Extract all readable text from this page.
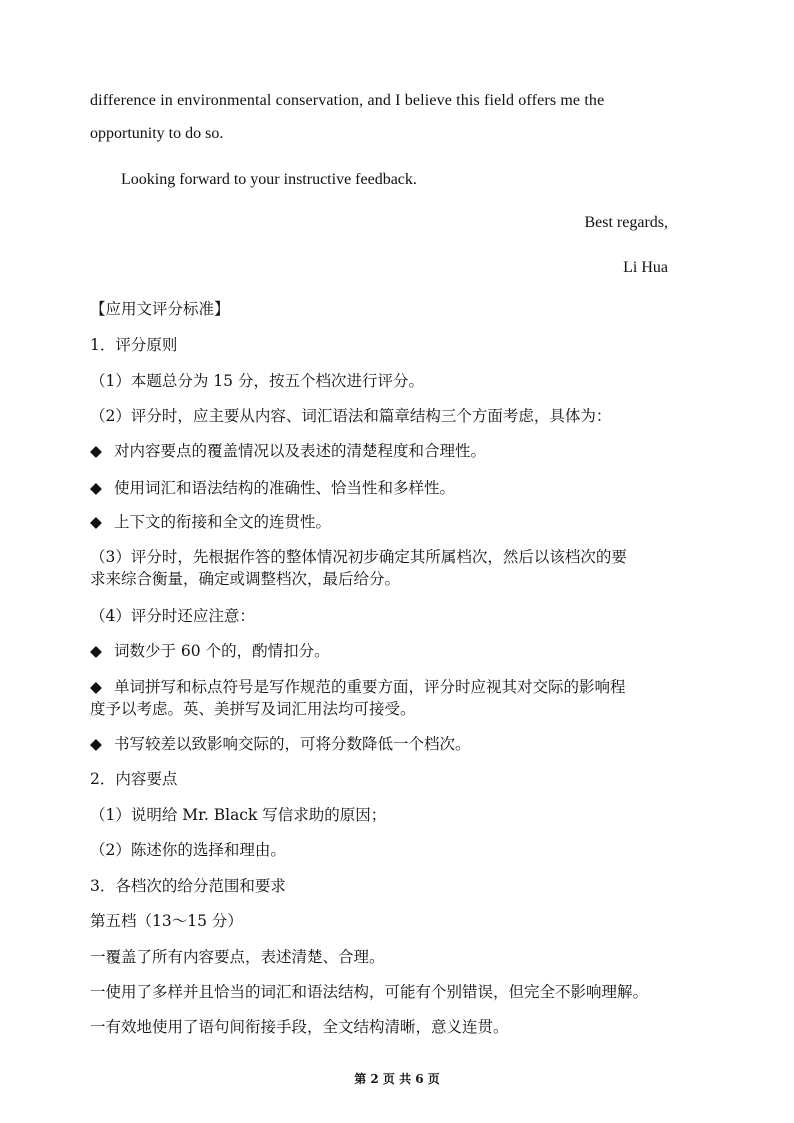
difference in environmental conservation, and I believe this field offers me the
opportunity to do so.
Looking forward to your instructive feedback.
Best regards,
Li Hua
【应用文评分标准】
1．评分原则
（1）本题总分为 15 分，按五个档次进行评分。
（2）评分时，应主要从内容、词汇语法和篇章结构三个方面考虑，具体为：
◆ 对内容要点的覆盖情况以及表述的清楚程度和合理性。
◆ 使用词汇和语法结构的准确性、恰当性和多样性。
◆ 上下文的衔接和全文的连贯性。
（3）评分时，先根据作答的整体情况初步确定其所属档次，然后以该档次的要
求来综合衡量，确定或调整档次，最后给分。
（4）评分时还应注意：
◆ 词数少于 60 个的，酌情扣分。
◆ 单词拼写和标点符号是写作规范的重要方面，评分时应视其对交际的影响程
度予以考虑。英、美拼写及词汇用法均可接受。
◆ 书写较差以致影响交际的，可将分数降低一个档次。
2．内容要点
（1）说明给 Mr. Black 写信求助的原因；
（2）陈述你的选择和理由。
3．各档次的给分范围和要求
第五档（13～15 分）
一覆盖了所有内容要点，表述清楚、合理。
一使用了多样并且恰当的词汇和语法结构，可能有个别错误，但完全不影响理解。
一有效地使用了语句间衔接手段，全文结构清晰，意义连贯。
第 2 页 共 6 页
